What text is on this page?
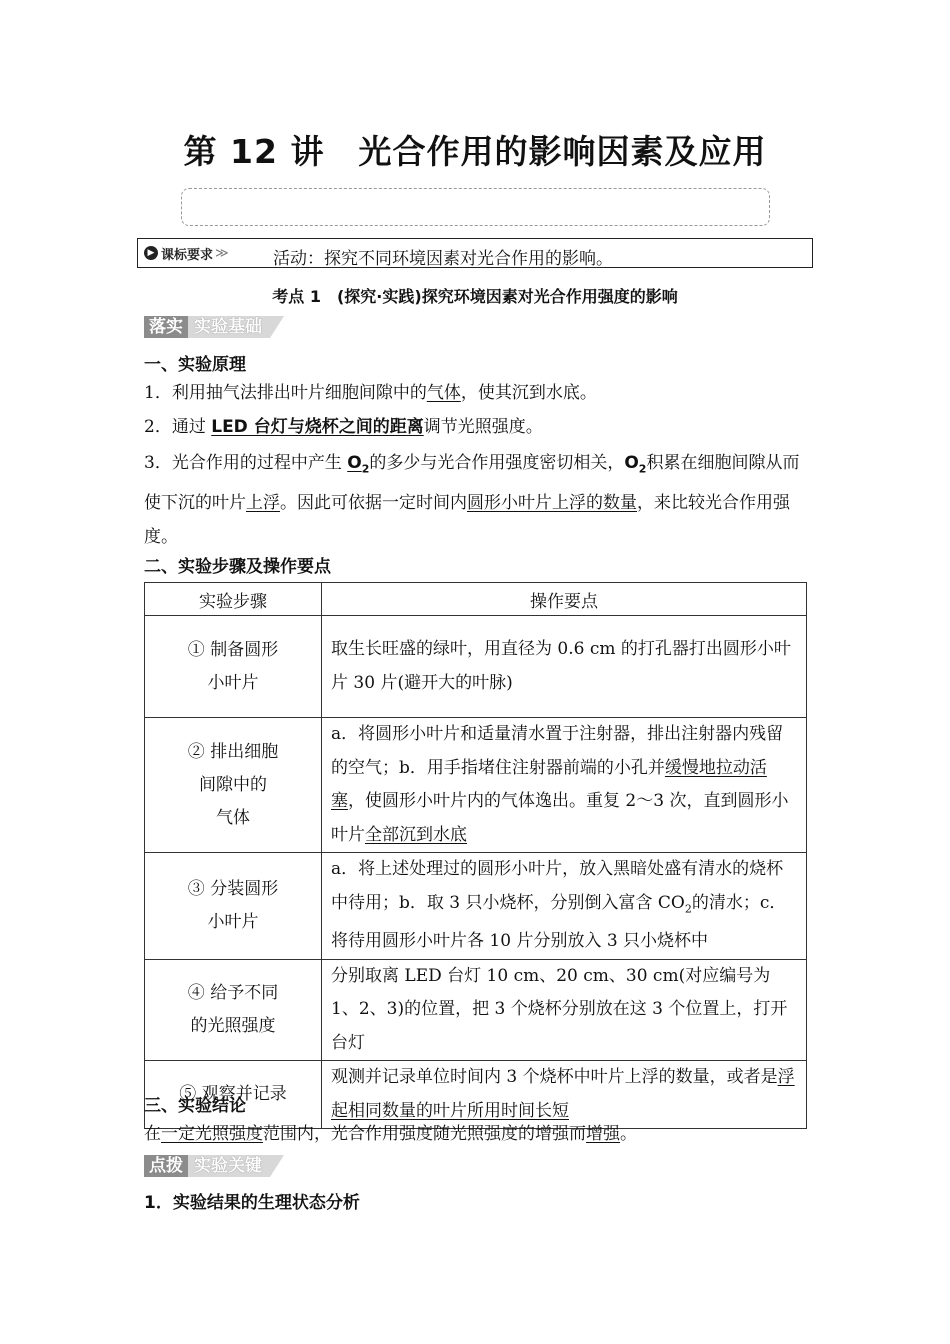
第 12 讲　光合作用的影响因素及应用
▶ 课标要求 ≫	活动：探究不同环境因素对光合作用的影响。
考点 1　(探究·实践)探究环境因素对光合作用强度的影响
落实 实验基础
一、实验原理
1．利用抽气法排出叶片细胞间隙中的气体，使其沉到水底。
2．通过 LED 台灯与烧杯之间的距离调节光照强度。
3．光合作用的过程中产生 $O_2$的多少与光合作用强度密切相关，$O_2$积累在细胞间隙从而使下沉的叶片上浮。因此可依据一定时间内圆形小叶片上浮的数量，来比较光合作用强度。
二、实验步骤及操作要点
实验步骤	操作要点

① 制备圆形
小叶片	取生长旺盛的绿叶，用直径为 0.6 cm 的打孔器打出圆形小叶片 30 片(避开大的叶脉)

② 排出细胞
间隙中的
气体	a．将圆形小叶片和适量清水置于注射器，排出注射器内残留的空气；b．用手指堵住注射器前端的小孔并缓慢地拉动活塞，使圆形小叶片内的气体逸出。重复 2～3 次，直到圆形小叶片全部沉到水底

③ 分装圆形
小叶片	a．将上述处理过的圆形小叶片，放入黑暗处盛有清水的烧杯中待用；b．取 3 只小烧杯，分别倒入富含 $CO_2$的清水；c．将待用圆形小叶片各 10 片分别放入 3 只小烧杯中

④ 给予不同
的光照强度	分别取离 LED 台灯 10 cm、20 cm、30 cm(对应编号为 1、2、3)的位置，把 3 个烧杯分别放在这 3 个位置上，打开台灯

⑤ 观察并记录	观测并记录单位时间内 3 个烧杯中叶片上浮的数量，或者是浮起相同数量的叶片所用时间长短
三、实验结论
在一定光照强度范围内，光合作用强度随光照强度的增强而增强。
点拨 实验关键
1．实验结果的生理状态分析
